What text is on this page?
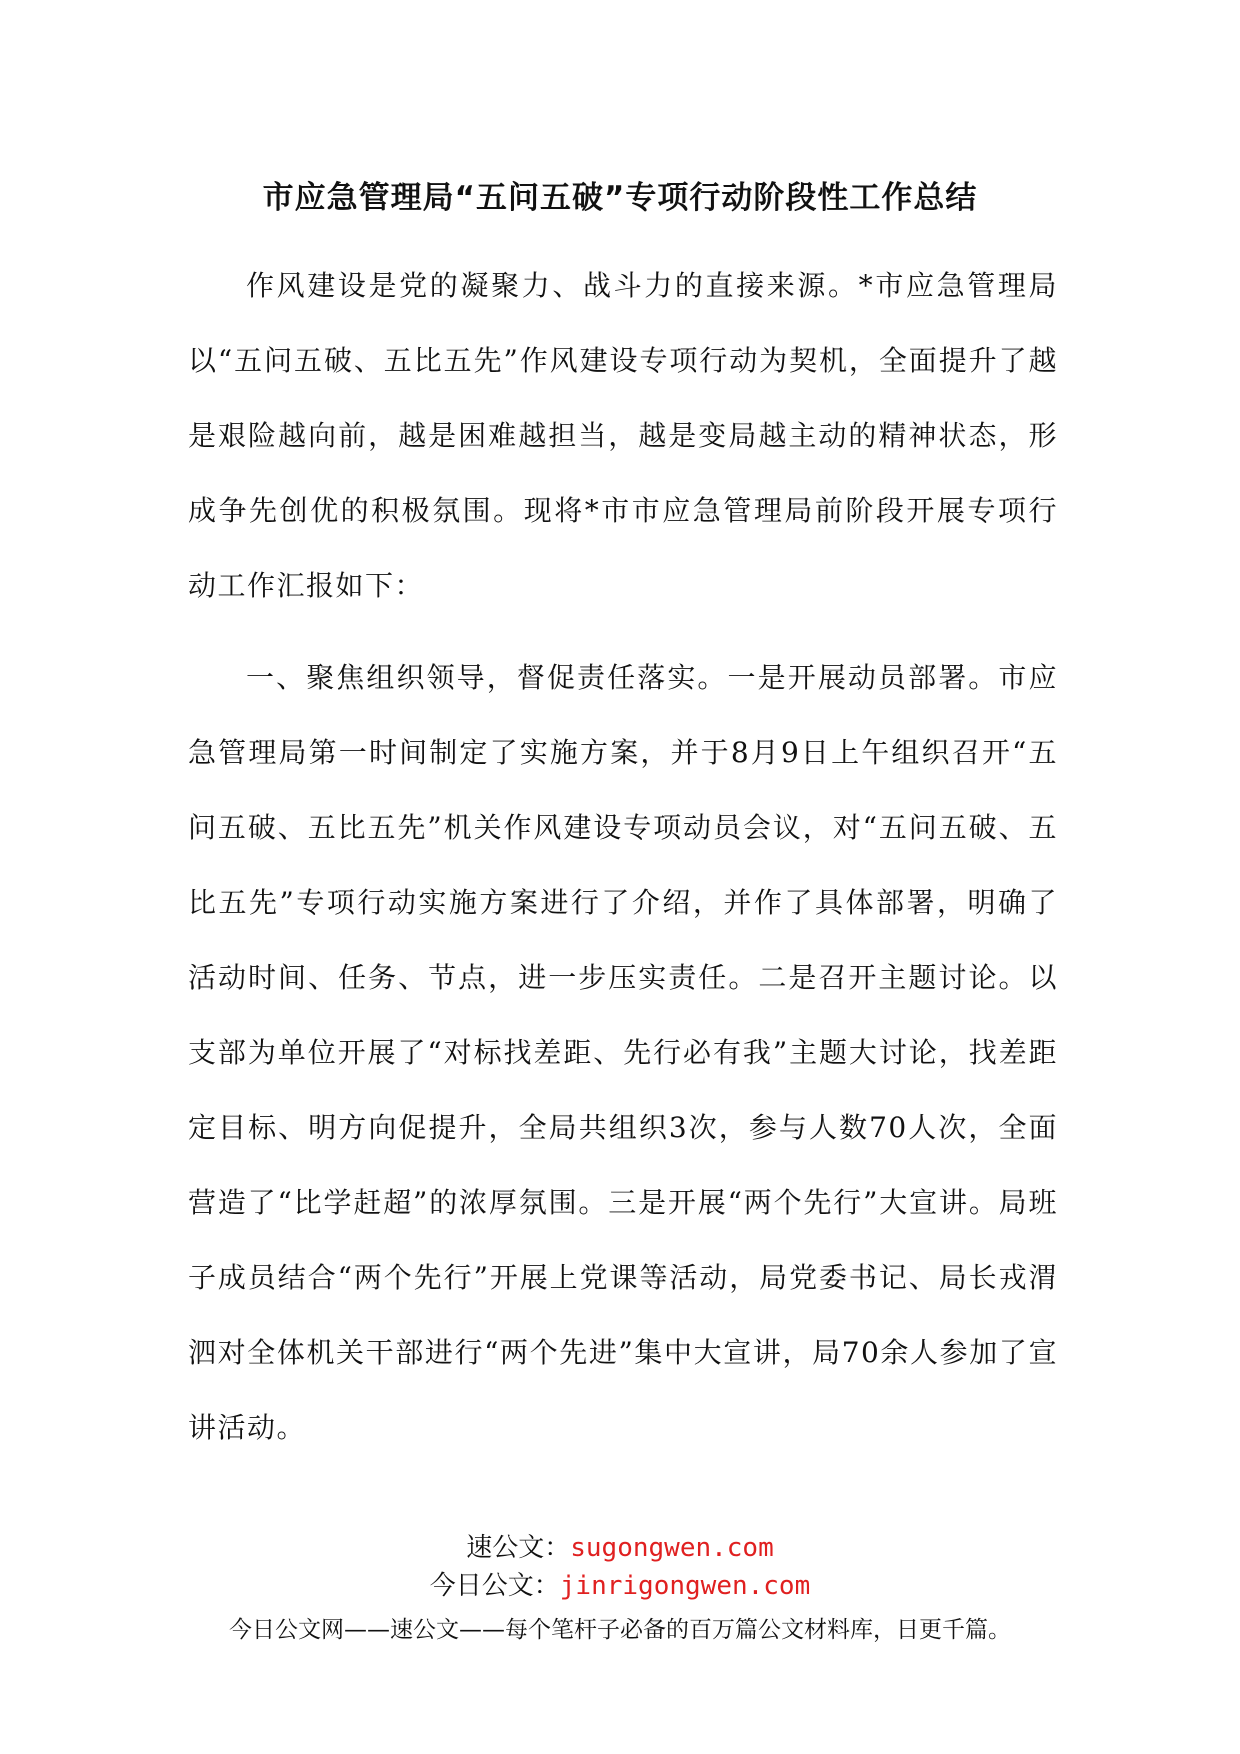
市应急管理局“五问五破”专项行动阶段性工作总结

作风建设是党的凝聚力、战斗力的直接来源。*市应急管理局以“五问五破、五比五先”作风建设专项行动为契机，全面提升了越是艰险越向前，越是困难越担当，越是变局越主动的精神状态，形成争先创优的积极氛围。现将*市市应急管理局前阶段开展专项行动工作汇报如下：

一、聚焦组织领导，督促责任落实。一是开展动员部署。市应急管理局第一时间制定了实施方案，并于8月9日上午组织召开“五问五破、五比五先”机关作风建设专项动员会议，对“五问五破、五比五先”专项行动实施方案进行了介绍，并作了具体部署，明确了活动时间、任务、节点，进一步压实责任。二是召开主题讨论。以支部为单位开展了“对标找差距、先行必有我”主题大讨论，找差距定目标、明方向促提升，全局共组织3次，参与人数70人次，全面营造了“比学赶超”的浓厚氛围。三是开展“两个先行”大宣讲。局班子成员结合“两个先行”开展上党课等活动，局党委书记、局长戎渭泗对全体机关干部进行“两个先进”集中大宣讲，局70余人参加了宣讲活动。

速公文：sugongwen.com
今日公文：jinrigongwen.com
今日公文网——速公文——每个笔杆子必备的百万篇公文材料库，日更千篇。
